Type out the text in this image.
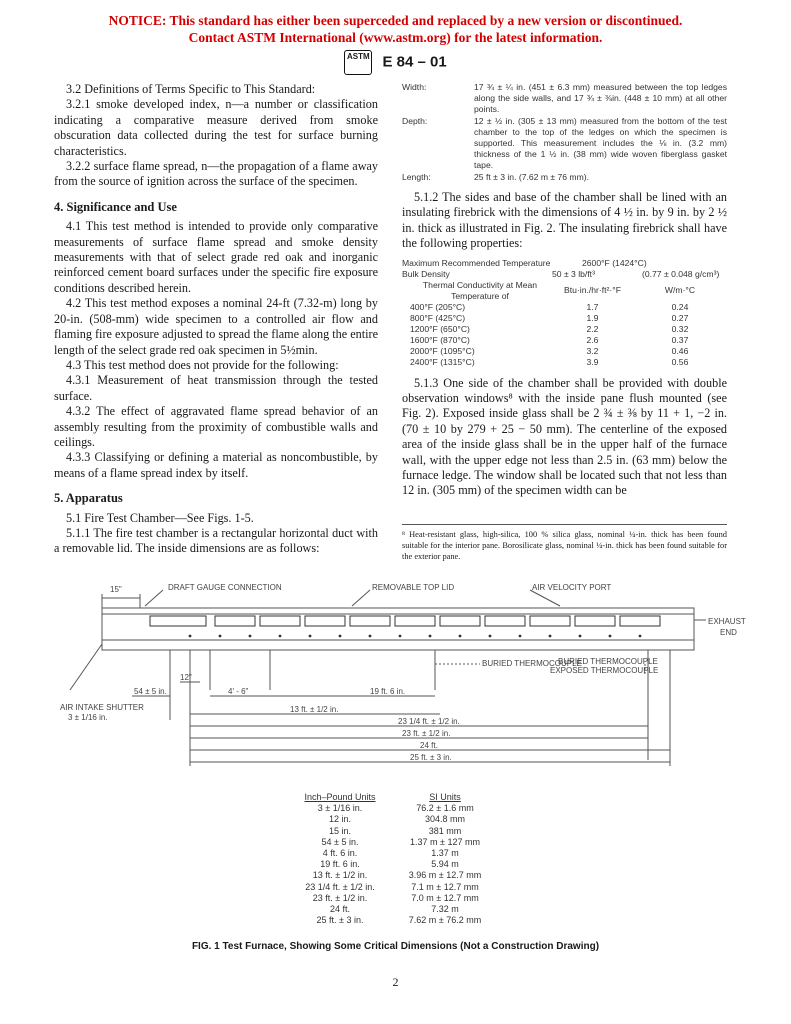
NOTICE: This standard has either been superceded and replaced by a new version or discontinued.
Contact ASTM International (www.astm.org) for the latest information.
ASTM E 84 – 01

3.2 Definitions of Terms Specific to This Standard:

3.2.1 smoke developed index, n—a number or classification indicating a comparative measure derived from smoke obscuration data collected during the test for surface burning characteristics.

3.2.2 surface flame spread, n—the propagation of a flame away from the source of ignition across the surface of the specimen.

4. Significance and Use

4.1 This test method is intended to provide only comparative measurements of surface flame spread and smoke density measurements with that of select grade red oak and inorganic reinforced cement board surfaces under the specific fire exposure conditions described herein.

4.2 This test method exposes a nominal 24-ft (7.32-m) long by 20-in. (508-mm) wide specimen to a controlled air flow and flaming fire exposure adjusted to spread the flame along the entire length of the select grade red oak specimen in 5½min.

4.3 This test method does not provide for the following:

4.3.1 Measurement of heat transmission through the tested surface.

4.3.2 The effect of aggravated flame spread behavior of an assembly resulting from the proximity of combustible walls and ceilings.

4.3.3 Classifying or defining a material as noncombustible, by means of a flame spread index by itself.

5. Apparatus

5.1 Fire Test Chamber—See Figs. 1-5.

5.1.1 The fire test chamber is a rectangular horizontal duct with a removable lid. The inside dimensions are as follows:

Width:	17 ¾ ± ¼ in. (451 ± 6.3 mm) measured between the top ledges along the side walls, and 17 ¾ ± ⅜in. (448 ± 10 mm) at all other points.
Depth:	12 ± ½ in. (305 ± 13 mm) measured from the bottom of the test chamber to the top of the ledges on which the specimen is supported. This measurement includes the ⅛ in. (3.2 mm) thickness of the 1 ½ in. (38 mm) wide woven fiberglass gasket tape.
Length:	25 ft ± 3 in. (7.62 m ± 76 mm).

5.1.2 The sides and base of the chamber shall be lined with an insulating firebrick with the dimensions of 4 ½ in. by 9 in. by 2 ½ in. thick as illustrated in Fig. 2. The insulating firebrick shall have the following properties:

Maximum Recommended Temperature	2600°F (1424°C)
Bulk Density	50 ± 3 lb/ft³	(0.77 ± 0.048 g/cm³)
Thermal Conductivity at Mean Temperature of
Btu·in./hr·ft²·°F	W/m·°C
400°F (205°C)	1.7	0.24
800°F (425°C)	1.9	0.27
1200°F (650°C)	2.2	0.32
1600°F (870°C)	2.6	0.37
2000°F (1095°C)	3.2	0.46
2400°F (1315°C)	3.9	0.56

5.1.3 One side of the chamber shall be provided with double observation windows⁸ with the inside pane flush mounted (see Fig. 2). Exposed inside glass shall be 2 ¾ ± ⅜ by 11 + 1, −2 in. (70 ± 10 by 279 + 25 − 50 mm). The centerline of the exposed area of the inside glass shall be in the upper half of the furnace wall, with the upper edge not less than 2.5 in. (63 mm) below the furnace ledge. The window shall be located such that not less than 12 in. (305 mm) of the specimen width can be

⁸ Heat-resistant glass, high-silica, 100 % silica glass, nominal ¼-in. thick has been found suitable for the interior pane. Borosilicate glass, nominal ¼-in. thick has been found suitable for the exterior pane.
15"	DRAFT GAUGE CONNECTION	REMOVABLE TOP LID	AIR VELOCITY PORT
EXHAUST
END
BURIED THERMOCOUPLE
BURIED THERMOCOUPLE
EXPOSED THERMOCOUPLE
12"
54 ± 5 in.	4' - 6"	19 ft. 6 in.
AIR INTAKE SHUTTER
3 ± 1/16 in.
13 ft. ± 1/2 in.
23 1/4 ft. ± 1/2 in.
23 ft. ± 1/2 in.
24 ft.
25 ft. ± 3 in.
Inch–Pound Units	SI Units
3 ± 1/16 in.	76.2 ± 1.6 mm
12 in.	304.8 mm
15 in.	381 mm
54 ± 5 in.	1.37 m ± 127 mm
4 ft. 6 in.	1.37 m
19 ft. 6 in.	5.94 m
13 ft. ± 1/2 in.	3.96 m ± 12.7 mm
23 1/4 ft. ± 1/2 in.	7.1 m ± 12.7 mm
23 ft. ± 1/2 in.	7.0 m ± 12.7 mm
24 ft.	7.32 m
25 ft. ± 3 in.	7.62 m ± 76.2 mm
FIG. 1 Test Furnace, Showing Some Critical Dimensions (Not a Construction Drawing)
2
